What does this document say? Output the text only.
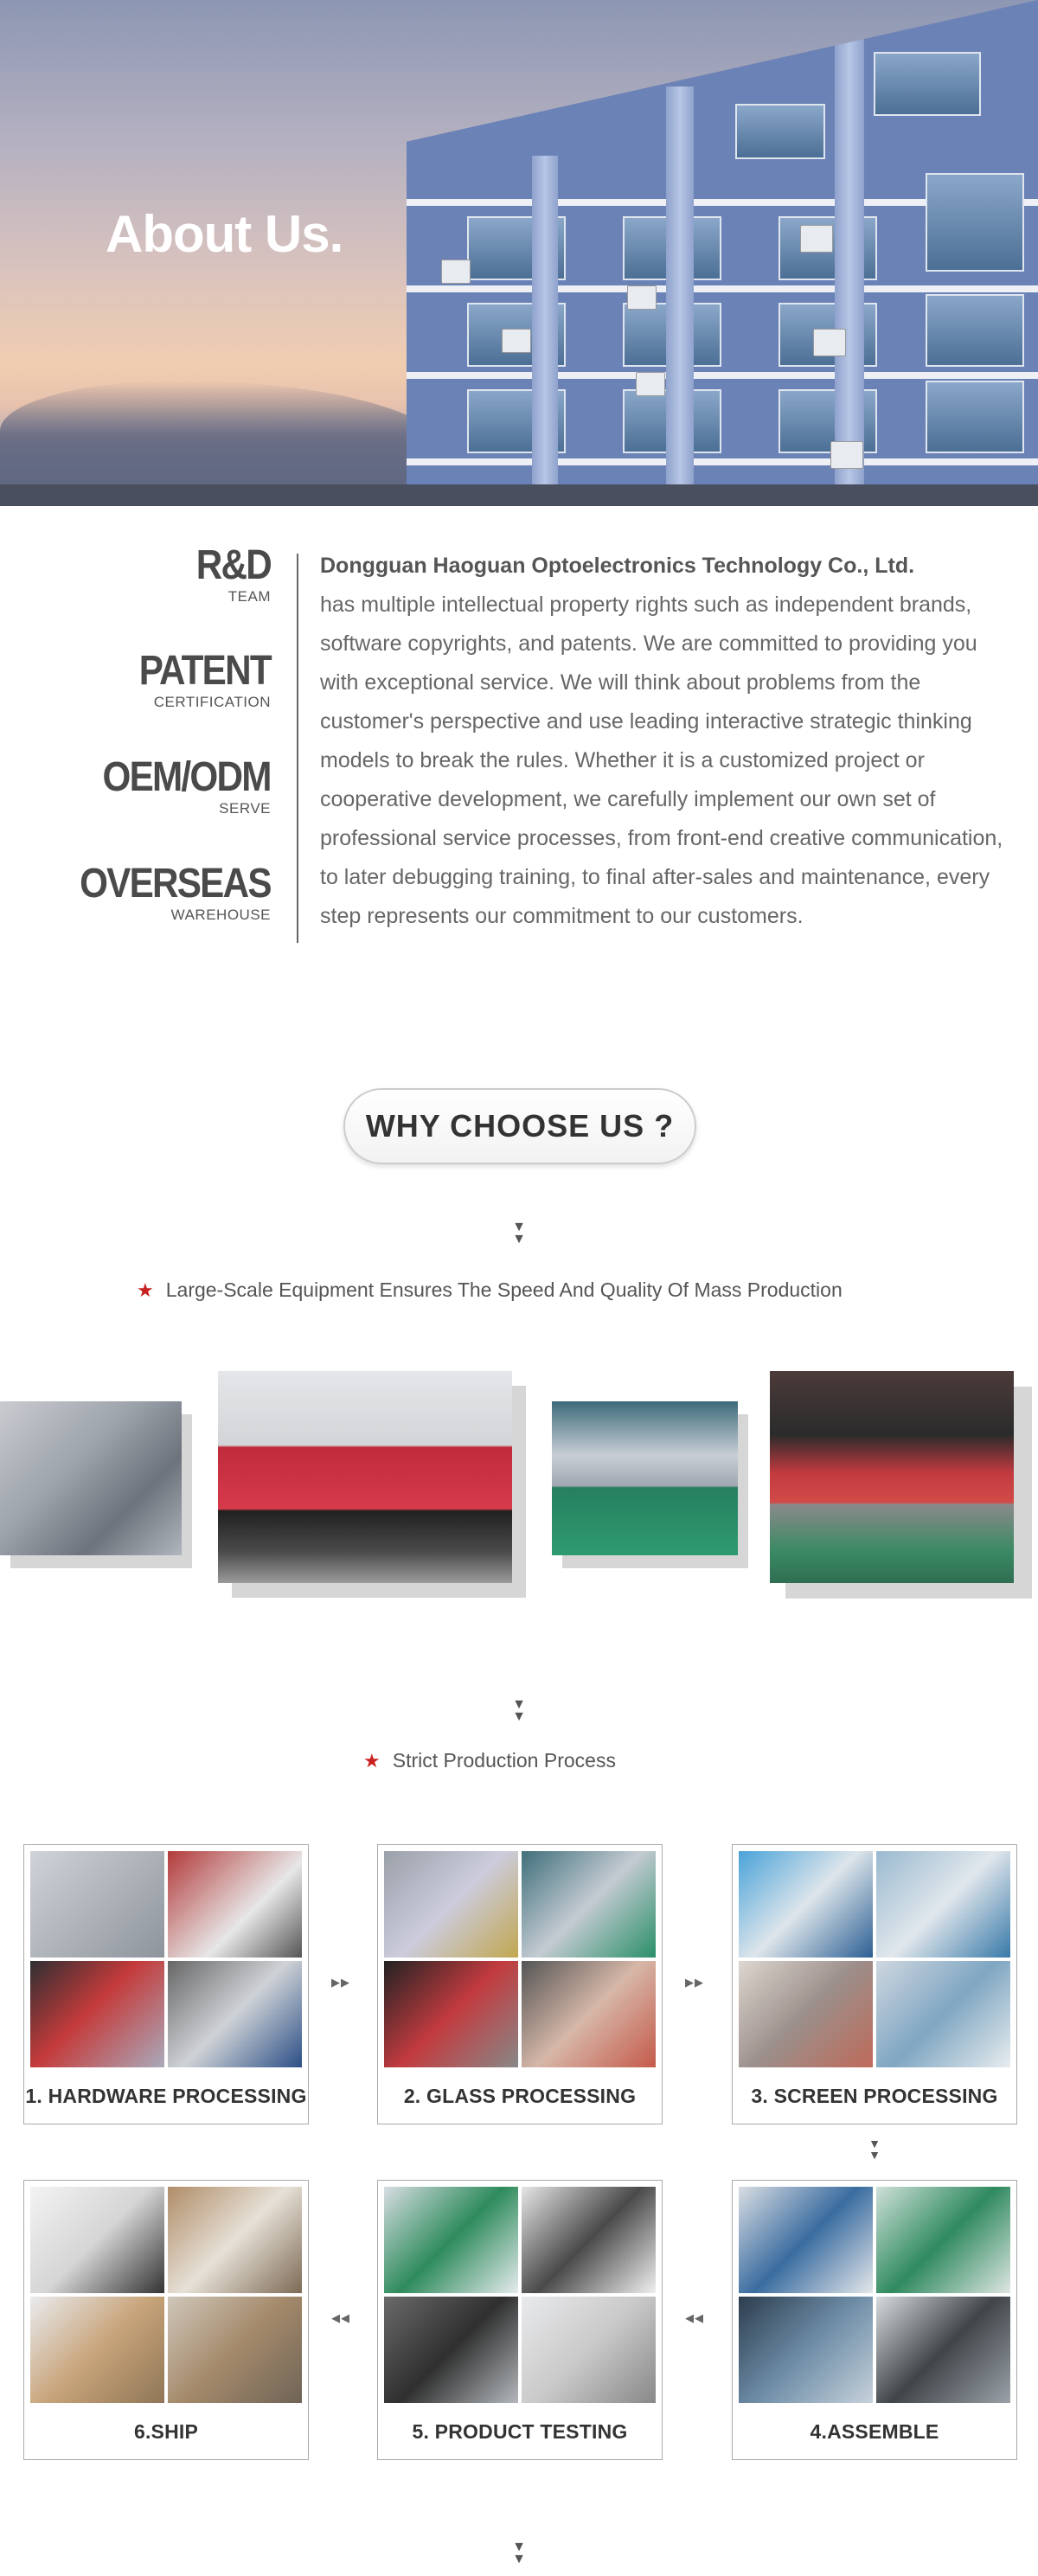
About Us.
R&D
TEAM
PATENT
CERTIFICATION
OEM/ODM
SERVE
OVERSEAS
WAREHOUSE
Dongguan Haoguan Optoelectronics Technology Co., Ltd.
has multiple intellectual property rights such as independent brands, software copyrights, and patents. We are committed to providing you with exceptional service. We will think about problems from the customer's perspective and use leading interactive strategic thinking models to break the rules. Whether it is a customized project or cooperative development, we carefully implement our own set of professional service processes, from front-end creative communication, to later debugging training, to final after-sales and maintenance, every step represents our commitment to our customers.
WHY CHOOSE US ?
▼
▼
★ Large-Scale Equipment Ensures The Speed And Quality Of Mass Production
▼
▼
★ Strict Production Process
1. HARDWARE PROCESSING
▶▶
2. GLASS PROCESSING
▶▶
3. SCREEN PROCESSING
▼
▼
6.SHIP
◀◀
5. PRODUCT TESTING
◀◀
4.ASSEMBLE
▼
▼
